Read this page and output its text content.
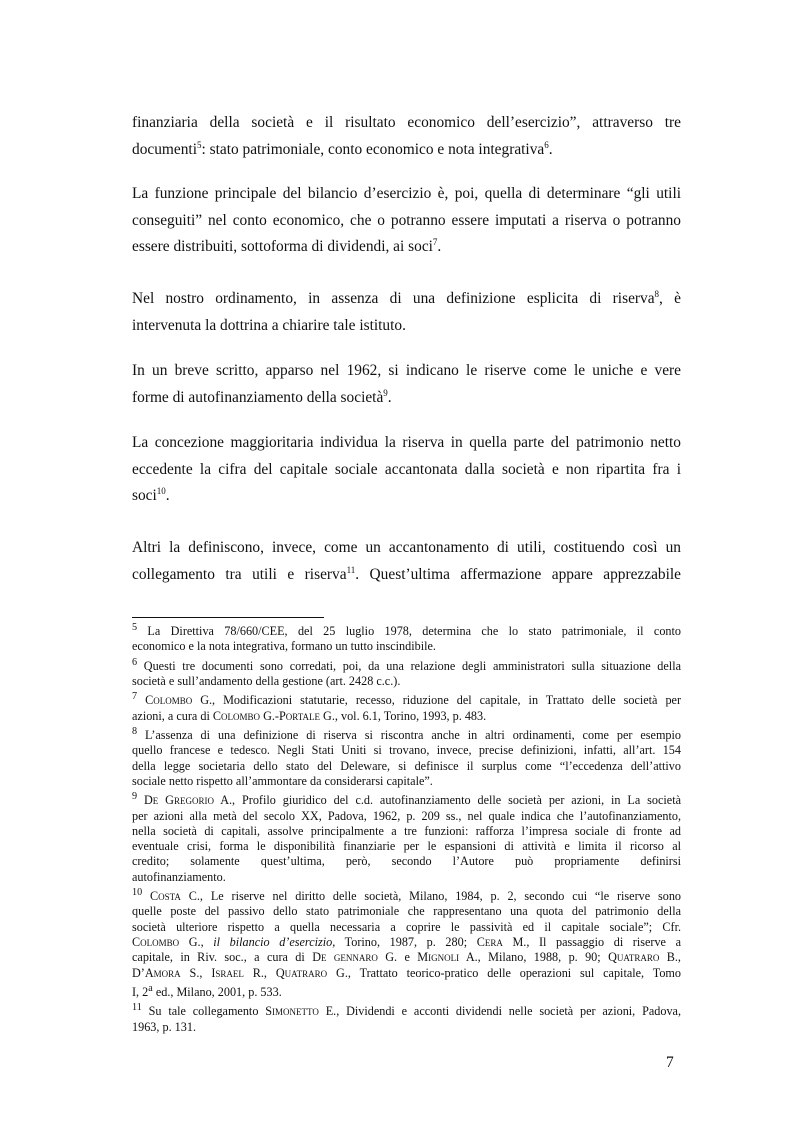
finanziaria della società e il risultato economico dell’esercizio”, attraverso tre
documenti$^5$: stato patrimoniale, conto economico e nota integrativa$^6$.
La funzione principale del bilancio d’esercizio è, poi, quella di determinare “gli utili
conseguiti” nel conto economico, che o potranno essere imputati a riserva o potranno
essere distribuiti, sottoforma di dividendi, ai soci$^7$.
Nel nostro ordinamento, in assenza di una definizione esplicita di riserva$^8$, è
intervenuta la dottrina a chiarire tale istituto.
In un breve scritto, apparso nel 1962, si indicano le riserve come le uniche e vere
forme di autofinanziamento della società$^9$.
La concezione maggioritaria individua la riserva in quella parte del patrimonio netto
eccedente la cifra del capitale sociale accantonata dalla società e non ripartita fra i
soci$^{10}$.
Altri la definiscono, invece, come un accantonamento di utili, costituendo così un
collegamento tra utili e riserva$^{11}$. Quest’ultima affermazione appare apprezzabile
$^5$ La Direttiva 78/660/CEE, del 25 luglio 1978, determina che lo stato patrimoniale, il conto
economico e la nota integrativa, formano un tutto inscindibile.
$^6$ Questi tre documenti sono corredati, poi, da una relazione degli amministratori sulla situazione della
società e sull’andamento della gestione (art. 2428 c.c.).
$^7$ Colombo G., Modificazioni statutarie, recesso, riduzione del capitale, in Trattato delle società per
azioni, a cura di Colombo G.-Portale G., vol. 6.1, Torino, 1993, p. 483.
$^8$ L’assenza di una definizione di riserva si riscontra anche in altri ordinamenti, come per esempio
quello francese e tedesco. Negli Stati Uniti si trovano, invece, precise definizioni, infatti, all’art. 154
della legge societaria dello stato del Deleware, si definisce il surplus come “l’eccedenza dell’attivo
sociale netto rispetto all’ammontare da considerarsi capitale”.
$^9$ De Gregorio A., Profilo giuridico del c.d. autofinanziamento delle società per azioni, in La società
per azioni alla metà del secolo XX, Padova, 1962, p. 209 ss., nel quale indica che l’autofinanziamento,
nella società di capitali, assolve principalmente a tre funzioni: rafforza l’impresa sociale di fronte ad
eventuale crisi, forma le disponibilità finanziarie per le espansioni di attività e limita il ricorso al
credito; solamente quest’ultima, però, secondo l’Autore può propriamente definirsi
autofinanziamento.
$^{10}$ Costa C., Le riserve nel diritto delle società, Milano, 1984, p. 2, secondo cui “le riserve sono
quelle poste del passivo dello stato patrimoniale che rappresentano una quota del patrimonio della
società ulteriore rispetto a quella necessaria a coprire le passività ed il capitale sociale”; Cfr.
Colombo G., il bilancio d’esercizio, Torino, 1987, p. 280; Cera M., Il passaggio di riserve a
capitale, in Riv. soc., a cura di De gennaro G. e Mignoli A., Milano, 1988, p. 90; Quatraro B.,
D’Amora S., Israel R., Quatraro G., Trattato teorico-pratico delle operazioni sul capitale, Tomo
I, 2$^a$ ed., Milano, 2001, p. 533.
$^{11}$ Su tale collegamento Simonetto E., Dividendi e acconti dividendi nelle società per azioni, Padova,
1963, p. 131.
7
